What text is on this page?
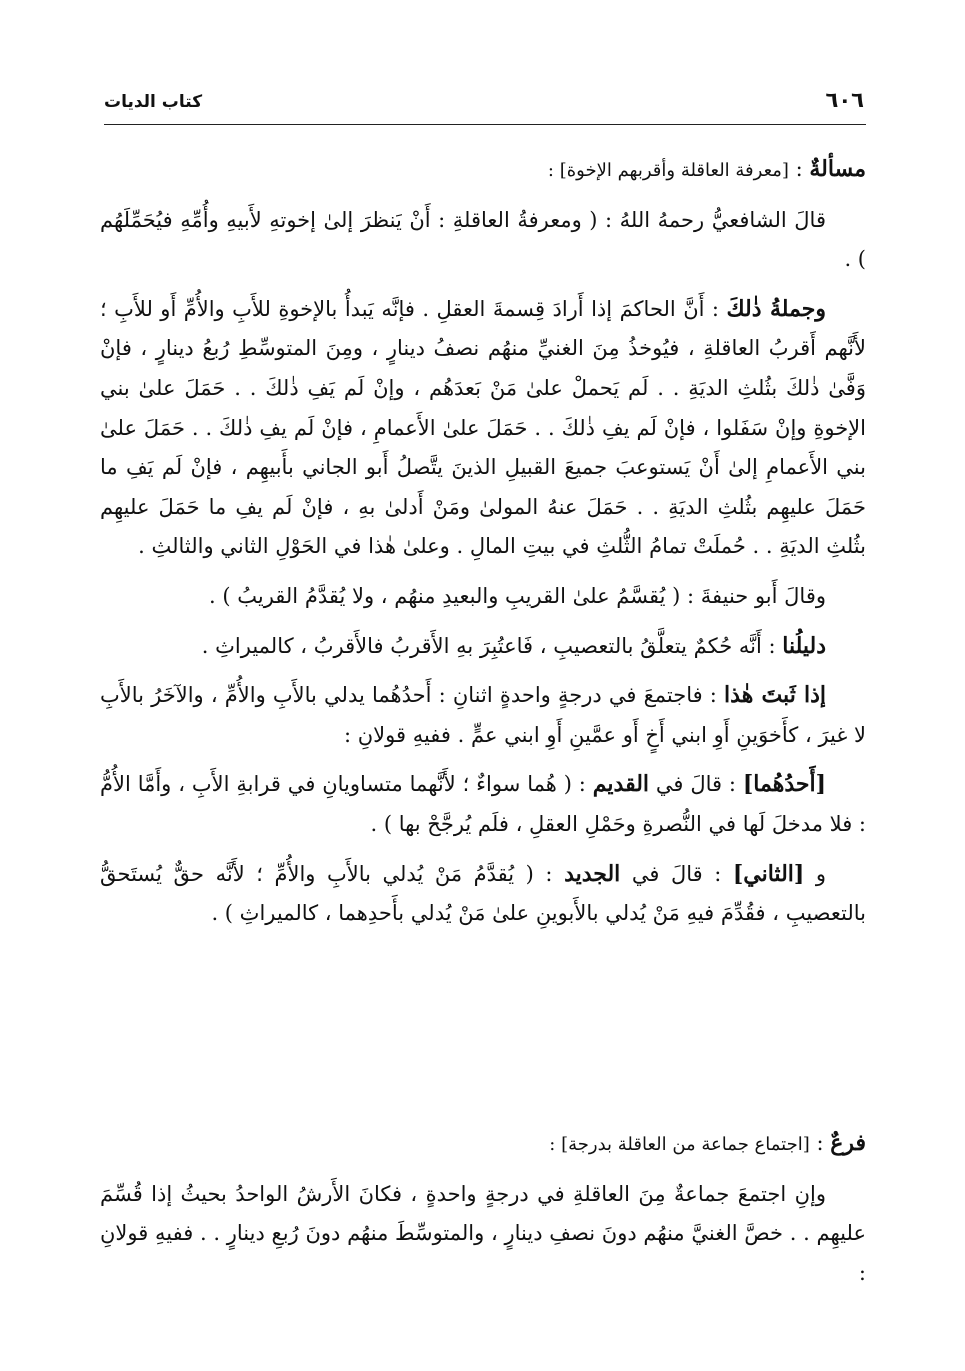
٦٠٦
كتاب الديات

مسألةٌ : [معرفة العاقلة وأقربهم الإخوة] :

قالَ الشافعيُّ رحمهُ اللهُ : ( ومعرفةُ العاقلةِ : أَنْ يَنظرَ إلىٰ إخوتهِ لأَبيهِ وأُمِّهِ فيُحَمِّلَهُم ) .

وجملةُ ذٰلكَ : أَنَّ الحاكمَ إذا أَرادَ قِسمةَ العقلِ . فإنَّه يَبدأُ بالإخوةِ للأَبِ والأُمِّ أَو للأَبِ ؛ لأَنَّهم أَقربُ العاقلةِ ، فيُوخذُ مِنَ الغنيِّ منهُم نصفُ دينارٍ ، ومِنَ المتوسِّطِ رُبعُ دينارٍ ، فإنْ وَفَّىٰ ذٰلكَ بثُلثِ الديَةِ . . لَم يَحملْ علىٰ مَنْ بَعدَهُم ، وإنْ لَم يَفِ ذٰلكَ . . حَمَلَ علىٰ بني الإخوةِ وإنْ سَفَلوا ، فإنْ لَم يفِ ذٰلكَ . . حَمَلَ علىٰ الأَعمامِ ، فإنْ لَم يفِ ذٰلكَ . . حَمَلَ علىٰ بني الأَعمامِ إلىٰ أَنْ يَستوعبَ جميعَ القبيلِ الذينَ يتَّصلُ أَبو الجاني بأَبيهِم ، فإنْ لَم يَفِ ما حَمَلَ عليهِم بثُلثِ الديَةِ . . حَمَلَ عنهُ المولىٰ ومَنْ أَدلىٰ بهِ ، فإنْ لَم يفِ ما حَمَلَ عليهِم بثُلثِ الديَةِ . . حُملَتْ تمامُ الثُّلثِ في بيتِ المالِ . وعلىٰ هٰذا في الحَوْلِ الثاني والثالثِ .

وقالَ أَبو حنيفةَ : ( يُقسَّمُ علىٰ القريبِ والبعيدِ منهُم ، ولا يُقدَّمُ القريبُ ) .

دليلُنا : أَنَّه حُكمٌ يتعلَّقُ بالتعصيبِ ، فَاعتُبِرَ بهِ الأَقربُ فالأَقربُ ، كالميراثِ .

إذا ثَبتَ هٰذا : فاجتمعَ في درجةٍ واحدةٍ اثنانِ : أَحدُهُما يدلي بالأَبِ والأُمِّ ، والآخَرُ بالأَبِ لا غيرَ ، كأَخوَينِ أَوِ ابني أَخٍ أَو عمَّينِ أَوِ ابني عمٍّ . ففيهِ قولانِ :

[أَحدُهُما] : قالَ في القديم : ( هُما سواءٌ ؛ لأَنَّهما متساويانِ في قرابةِ الأَبِ ، وأَمَّا الأُمُّ : فلا مدخلَ لَها في النُّصرةِ وحَمْلِ العقلِ ، فلَم يُرجَّحْ بها ) .

و [الثاني] : قالَ في الجديد : ( يُقدَّمُ مَنْ يُدلي بالأَبِ والأُمِّ ؛ لأَنَّه حقٌّ يُستَحقُّ بالتعصيبِ ، فقُدِّمَ فيهِ مَنْ يُدلي بالأَبوينِ علىٰ مَنْ يُدلي بأَحدِهما ، كالميراثِ ) .

فرعٌ : [اجتماع جماعة من العاقلة بدرجة] :

وإنِ اجتمعَ جماعةٌ مِنَ العاقلةِ في درجةٍ واحدةٍ ، فكانَ الأَرشُ الواحدُ بحيثُ إذا قُسِّمَ عليهِم . . خصَّ الغنيَّ منهُم دونَ نصفِ دينارٍ ، والمتوسِّطَ منهُم دونَ رُبعِ دينارٍ . . ففيهِ قولانِ :
